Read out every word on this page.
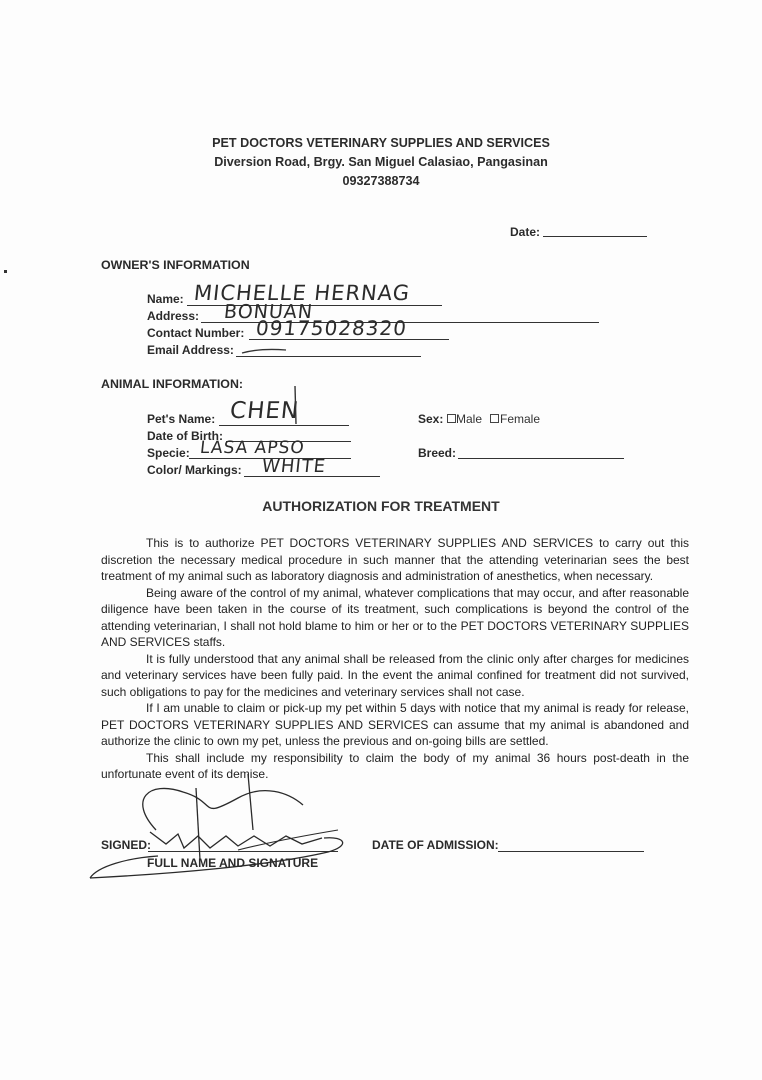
PET DOCTORS VETERINARY SUPPLIES AND SERVICES
Diversion Road, Brgy. San Miguel Calasiao, Pangasinan
09327388734
Date:
OWNER'S INFORMATION
Name: MICHELLE HERNAG
Address: BONUAN
Contact Number: 09175028320
Email Address:
ANIMAL INFORMATION:
Pet's Name: CHEN	Sex: Male Female
Date of Birth:
Specie: LASA APSO	Breed:
Color/ Markings: WHITE
AUTHORIZATION FOR TREATMENT

This is to authorize PET DOCTORS VETERINARY SUPPLIES AND SERVICES to carry out this discretion the necessary medical procedure in such manner that the attending veterinarian sees the best treatment of my animal such as laboratory diagnosis and administration of anesthetics, when necessary.

Being aware of the control of my animal, whatever complications that may occur, and after reasonable diligence have been taken in the course of its treatment, such complications is beyond the control of the attending veterinarian, I shall not hold blame to him or her or to the PET DOCTORS VETERINARY SUPPLIES AND SERVICES staffs.

It is fully understood that any animal shall be released from the clinic only after charges for medicines and veterinary services have been fully paid. In the event the animal confined for treatment did not survived, such obligations to pay for the medicines and veterinary services shall not case.

If I am unable to claim or pick-up my pet within 5 days with notice that my animal is ready for release, PET DOCTORS VETERINARY SUPPLIES AND SERVICES can assume that my animal is abandoned and authorize the clinic to own my pet, unless the previous and on-going bills are settled.

This shall include my responsibility to claim the body of my animal 36 hours post-death in the unfortunate event of its demise.

SIGNED:
FULL NAME AND SIGNATURE
DATE OF ADMISSION:
